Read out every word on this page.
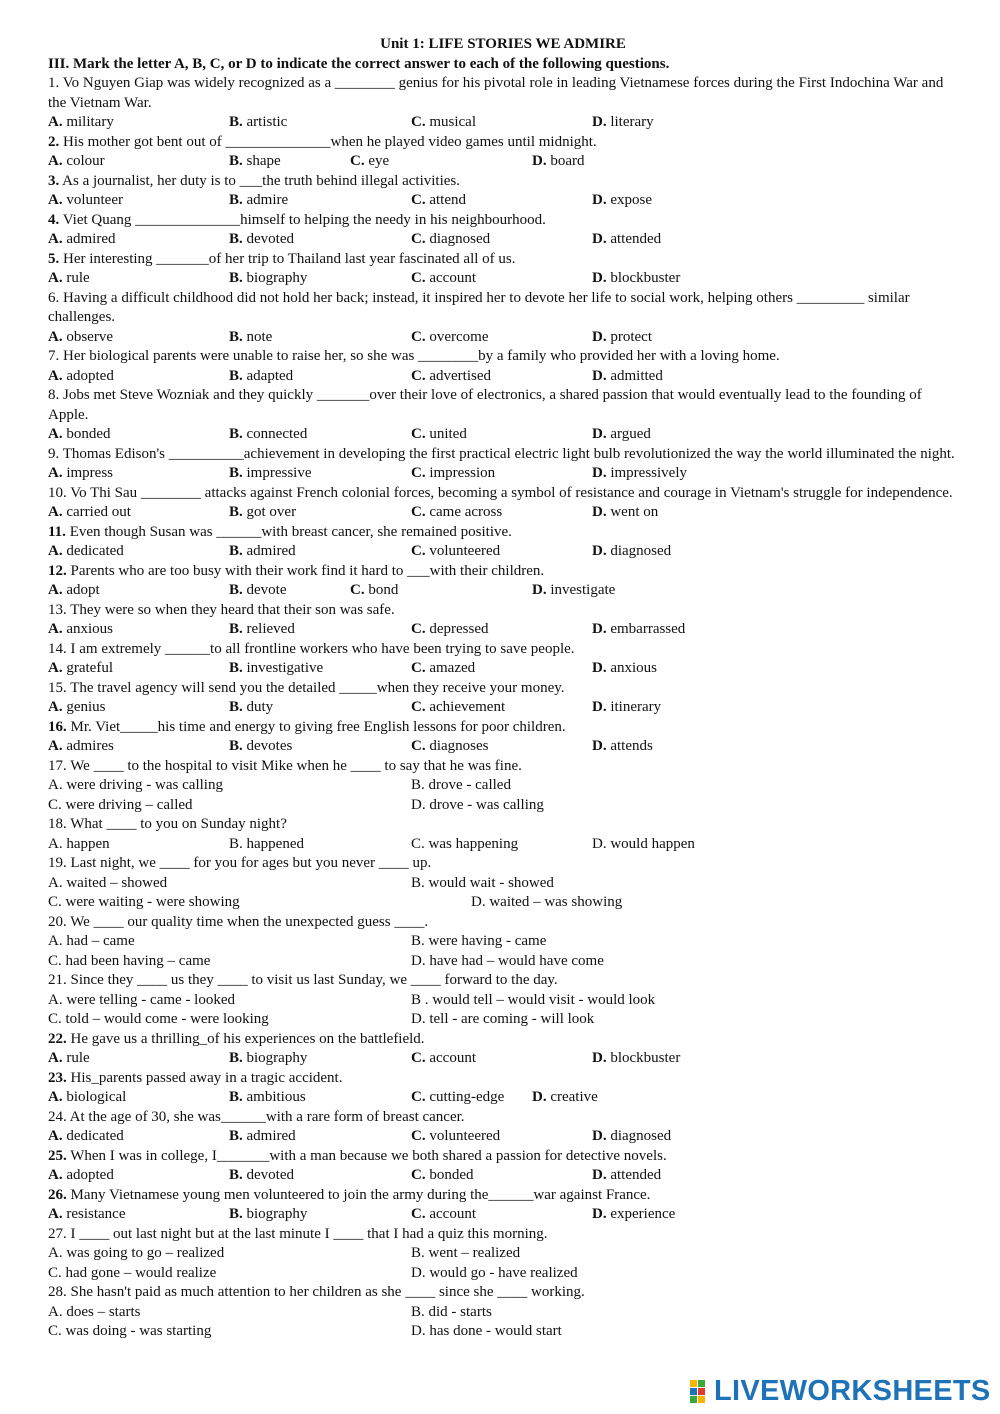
Unit 1: LIFE STORIES WE ADMIRE
III. Mark the letter A, B, C, or D to indicate the correct answer to each of the following questions.
1. Vo Nguyen Giap was widely recognized as a ________ genius for his pivotal role in leading Vietnamese forces during the First Indochina War and the Vietnam War.
A. military	B. artistic	C. musical	D. literary
2. His mother got bent out of ______________when he played video games until midnight.
A. colour	B. shape	C. eye	D. board
3. As a journalist, her duty is to ___the truth behind illegal activities.
A. volunteer	B. admire	C. attend	D. expose
4. Viet Quang ______________himself to helping the needy in his neighbourhood.
A. admired	B. devoted	C. diagnosed	D. attended
5. Her interesting _______of her trip to Thailand last year fascinated all of us.
A. rule	B. biography	C. account	D. blockbuster
6. Having a difficult childhood did not hold her back; instead, it inspired her to devote her life to social work, helping others _________ similar challenges.
A. observe	B. note	C. overcome	D. protect
7. Her biological parents were unable to raise her, so she was ________by a family who provided her with a loving home.
A. adopted	B. adapted	C. advertised	D. admitted
8. Jobs met Steve Wozniak and they quickly _______over their love of electronics, a shared passion that would eventually lead to the founding of Apple.
A. bonded	B. connected	C. united	D. argued
9. Thomas Edison's __________achievement in developing the first practical electric light bulb revolutionized the way the world illuminated the night.
A. impress	B. impressive	C. impression	D. impressively
10. Vo Thi Sau ________ attacks against French colonial forces, becoming a symbol of resistance and courage in Vietnam's struggle for independence.
A. carried out	B. got over	C. came across	D. went on
11. Even though Susan was ______with breast cancer, she remained positive.
A. dedicated	B. admired	C. volunteered	D. diagnosed
12. Parents who are too busy with their work find it hard to ___with their children.
A. adopt	B. devote	C. bond	D. investigate
13. They were so when they heard that their son was safe.
A. anxious	B. relieved	C. depressed	D. embarrassed
14. I am extremely ______to all frontline workers who have been trying to save people.
A. grateful	B. investigative	C. amazed	D. anxious
15. The travel agency will send you the detailed _____when they receive your money.
A. genius	B. duty	C. achievement	D. itinerary
16. Mr. Viet_____his time and energy to giving free English lessons for poor children.
A. admires	B. devotes	C. diagnoses	D. attends
17. We ____ to the hospital to visit Mike when he ____ to say that he was fine.
A. were driving - was calling	B. drove - called
C. were driving – called	D. drove - was calling
18. What ____ to you on Sunday night?
A. happen	B. happened	C. was happening	D. would happen
19. Last night, we ____ for you for ages but you never ____ up.
A. waited – showed	B. would wait - showed
C. were waiting - were showing	D. waited – was showing
20. We ____ our quality time when the unexpected guess ____.
A. had – came	B. were having - came
C. had been having – came	D. have had – would have come
21. Since they ____ us they ____ to visit us last Sunday, we ____ forward to the day.
A. were telling - came - looked	B . would tell – would visit - would look
C. told – would come - were looking	D. tell - are coming - will look
22. He gave us a thrilling_of his experiences on the battlefield.
A. rule	B. biography	C. account	D. blockbuster
23. His_parents passed away in a tragic accident.
A. biological	B. ambitious	C. cutting-edge D. creative
24. At the age of 30, she was______with a rare form of breast cancer.
A. dedicated	B. admired	C. volunteered	D. diagnosed
25. When I was in college, I_______with a man because we both shared a passion for detective novels.
A. adopted	B. devoted	C. bonded	D. attended
26. Many Vietnamese young men volunteered to join the army during the______war against France.
A. resistance	B. biography	C. account	D. experience
27. I ____ out last night but at the last minute I ____ that I had a quiz this morning.
A. was going to go – realized	B. went – realized
C. had gone – would realize	D. would go - have realized
28. She hasn't paid as much attention to her children as she ____ since she ____ working.
A. does – starts	B. did - starts
C. was doing - was starting	D. has done - would start
LIVEWORKSHEETS
